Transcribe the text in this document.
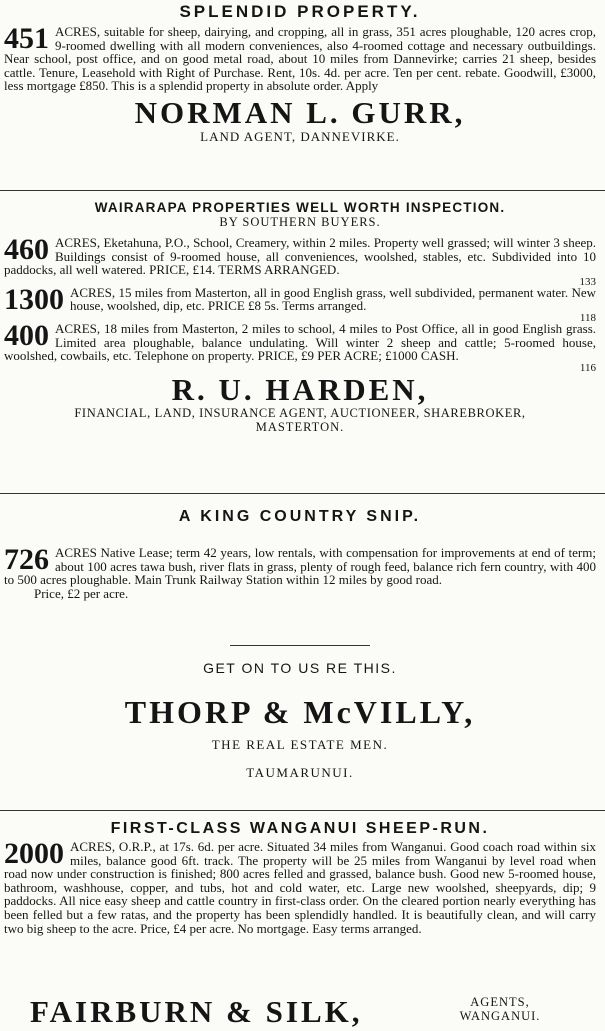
SPLENDID PROPERTY.
451 ACRES, suitable for sheep, dairying, and cropping, all in grass, 351 acres ploughable, 120 acres crop, 9-roomed dwelling with all modern conveniences, also 4-roomed cottage and necessary outbuildings. Near school, post office, and on good metal road, about 10 miles from Dannevirke; carries 21 sheep, besides cattle. Tenure, Leasehold with Right of Purchase. Rent, 10s. 4d. per acre. Ten per cent. rebate. Goodwill, £3000, less mortgage £850. This is a splendid property in absolute order. Apply
NORMAN L. GURR,
LAND AGENT, DANNEVIRKE.
WAIRARAPA PROPERTIES WELL WORTH INSPECTION.
BY SOUTHERN BUYERS.
460 ACRES, Eketahuna, P.O., School, Creamery, within 2 miles. Property well grassed; will winter 3 sheep. Buildings consist of 9-roomed house, all conveniences, woolshed, stables, etc. Subdivided into 10 paddocks, all well watered. PRICE, £14. TERMS ARRANGED.
133
1300 ACRES, 15 miles from Masterton, all in good English grass, well subdivided, permanent water. New house, woolshed, dip, etc. PRICE £8 5s. Terms arranged.
118
400 ACRES, 18 miles from Masterton, 2 miles to school, 4 miles to Post Office, all in good English grass. Limited area ploughable, balance undulating. Will winter 2 sheep and cattle; 5-roomed house, woolshed, cowbails, etc. Telephone on property. PRICE, £9 PER ACRE; £1000 CASH.
116
R. U. HARDEN,
FINANCIAL, LAND, INSURANCE AGENT, AUCTIONEER, SHAREBROKER,
MASTERTON.
A KING COUNTRY SNIP.
726 ACRES Native Lease; term 42 years, low rentals, with compensation for improvements at end of term; about 100 acres tawa bush, river flats in grass, plenty of rough feed, balance rich fern country, with 400 to 500 acres ploughable. Main Trunk Railway Station within 12 miles by good road.
Price, £2 per acre.
GET ON TO US RE THIS.
THORP & McVILLY,
THE REAL ESTATE MEN.
TAUMARUNUI.
FIRST-CLASS WANGANUI SHEEP-RUN.
2000 ACRES, O.R.P., at 17s. 6d. per acre. Situated 34 miles from Wanganui. Good coach road within six miles, balance good 6ft. track. The property will be 25 miles from Wanganui by level road when road now under construction is finished; 800 acres felled and grassed, balance bush. Good new 5-roomed house, bathroom, washhouse, copper, and tubs, hot and cold water, etc. Large new woolshed, sheepyards, dip; 9 paddocks. All nice easy sheep and cattle country in first-class order. On the cleared portion nearly everything has been felled but a few ratas, and the property has been splendidly handled. It is beautifully clean, and will carry two big sheep to the acre. Price, £4 per acre. No mortgage. Easy terms arranged.
FAIRBURN & SILK,	AGENTS,
WANGANUI.
